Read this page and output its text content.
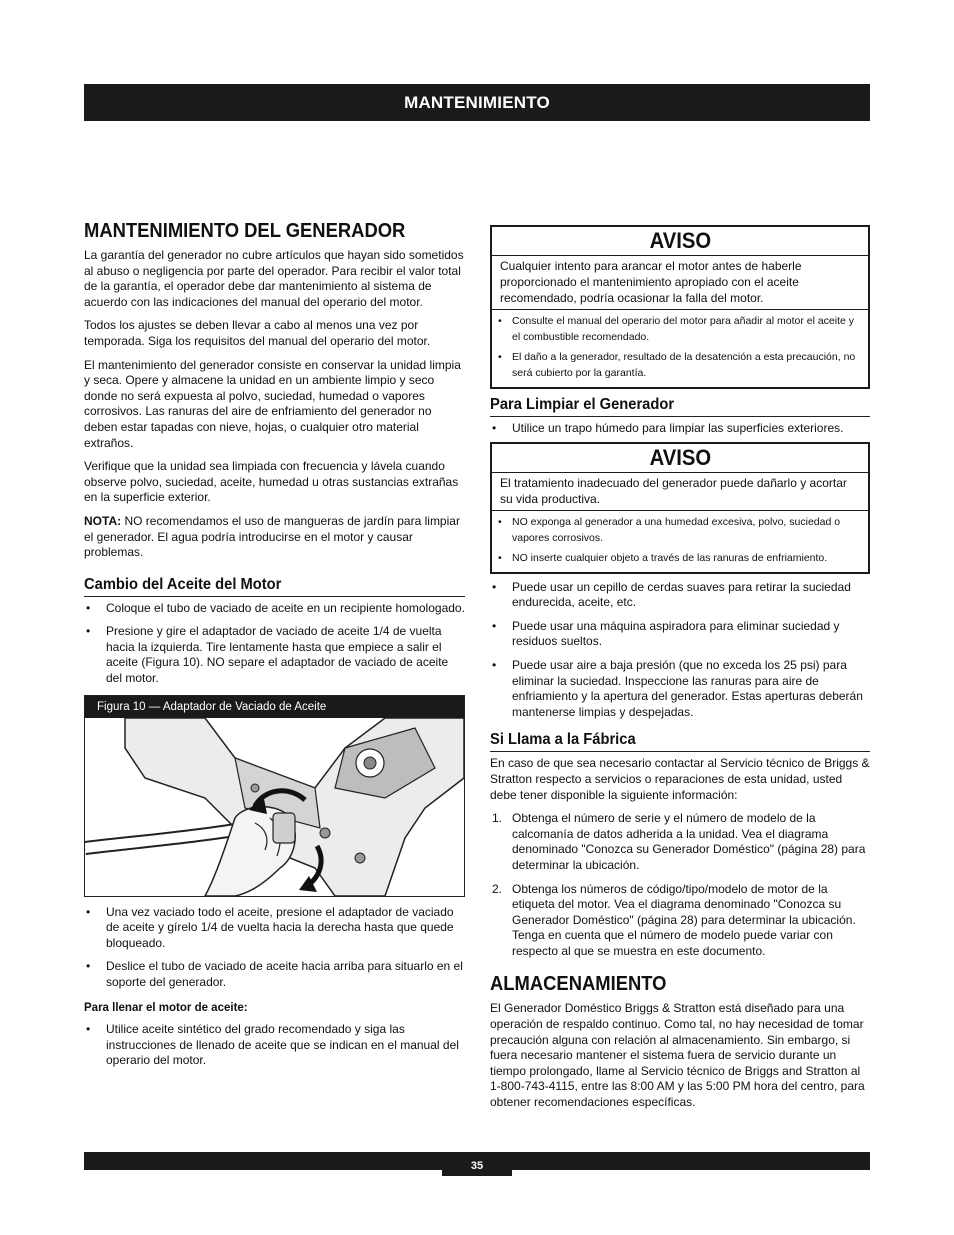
MANTENIMIENTO
MANTENIMIENTO DEL GENERADOR

La garantía del generador no cubre artículos que hayan sido sometidos al abuso o negligencia por parte del operador. Para recibir el valor total de la garantía, el operador debe dar mantenimiento al sistema de acuerdo con las indicaciones del manual del operario del motor.

Todos los ajustes se deben llevar a cabo al menos una vez por temporada. Siga los requisitos del manual del operario del motor.

El mantenimiento del generador consiste en conservar la unidad limpia y seca. Opere y almacene la unidad en un ambiente limpio y seco donde no será expuesta al polvo, suciedad, humedad o vapores corrosivos. Las ranuras del aire de enfriamiento del generador no deben estar tapadas con nieve, hojas, o cualquier otro material extraños.

Verifique que la unidad sea limpiada con frecuencia y lávela cuando observe polvo, suciedad, aceite, humedad u otras sustancias extrañas en la superficie exterior.

NOTA: NO recomendamos el uso de mangueras de jardín para limpiar el generador. El agua podría introducirse en el motor y causar problemas.

Cambio del Aceite del Motor
• Coloque el tubo de vaciado de aceite en un recipiente homologado.
• Presione y gire el adaptador de vaciado de aceite 1/4 de vuelta hacia la izquierda. Tire lentamente hasta que empiece a salir el aceite (Figura 10). NO separe el adaptador de vaciado de aceite del motor.
Figura 10 — Adaptador de Vaciado de Aceite
• Una vez vaciado todo el aceite, presione el adaptador de vaciado de aceite y gírelo 1/4 de vuelta hacia la derecha hasta que quede bloqueado.
• Deslice el tubo de vaciado de aceite hacia arriba para situarlo en el soporte del generador.

Para llenar el motor de aceite:

• Utilice aceite sintético del grado recomendado y siga las instrucciones de llenado de aceite que se indican en el manual del operario del motor.
AVISO
Cualquier intento para arancar el motor antes de haberle proporcionado el mantenimiento apropiado con el aceite recomendado, podría ocasionar la falla del motor.
• Consulte el manual del operario del motor para añadir al motor el aceite y el combustible recomendado.
• El daño a la generador, resultado de la desatención a esta precaución, no será cubierto por la garantía.
Para Limpiar el Generador
• Utilice un trapo húmedo para limpiar las superficies exteriores.
AVISO
El tratamiento inadecuado del generador puede dañarlo y acortar su vida productiva.
• NO exponga al generador a una humedad excesiva, polvo, suciedad o vapores corrosivos.
• NO inserte cualquier objeto a través de las ranuras de enfriamiento.
• Puede usar un cepillo de cerdas suaves para retirar la suciedad endurecida, aceite, etc.
• Puede usar una máquina aspiradora para eliminar suciedad y residuos sueltos.
• Puede usar aire a baja presión (que no exceda los 25 psi) para eliminar la suciedad. Inspeccione las ranuras para aire de enfriamiento y la apertura del generador. Estas aperturas deberán mantenerse limpias y despejadas.
Si Llama a la Fábrica

En caso de que sea necesario contactar al Servicio técnico de Briggs & Stratton respecto a servicios o reparaciones de esta unidad, usted debe tener disponible la siguiente información:

1. Obtenga el número de serie y el número de modelo de la calcomanía de datos adherida a la unidad. Vea el diagrama denominado "Conozca su Generador Doméstico" (página 28) para determinar la ubicación.
2. Obtenga los números de código/tipo/modelo de motor de la etiqueta del motor. Vea el diagrama denominado "Conozca su Generador Doméstico" (página 28) para determinar la ubicación. Tenga en cuenta que el número de modelo puede variar con respecto al que se muestra en este documento.
ALMACENAMIENTO

El Generador Doméstico Briggs & Stratton está diseñado para una operación de respaldo continuo. Como tal, no hay necesidad de tomar precaución alguna con relación al almacenamiento. Sin embargo, si fuera necesario mantener el sistema fuera de servicio durante un tiempo prolongado, llame al Servicio técnico de Briggs and Stratton al 1-800-743-4115, entre las 8:00 AM y las 5:00 PM hora del centro, para obtener recomendaciones específicas.

35
